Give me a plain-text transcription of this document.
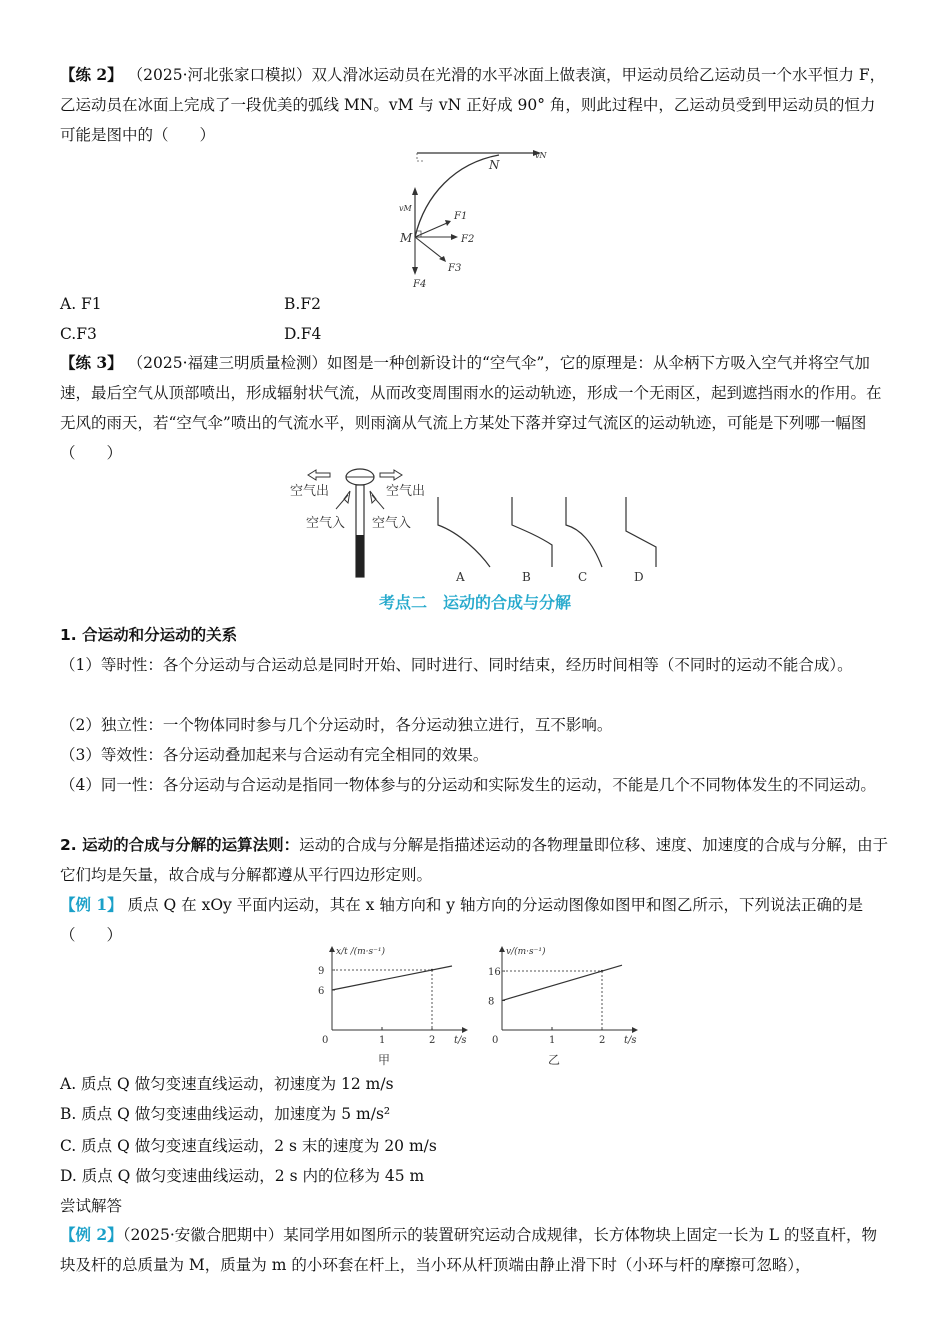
【练 2】 （2025·河北张家口模拟）双人滑冰运动员在光滑的水平冰面上做表演，甲运动员给乙运动员一个水平恒力 F，乙运动员在冰面上完成了一段优美的弧线 MN。vM 与 vN 正好成 90° 角，则此过程中，乙运动员受到甲运动员的恒力可能是图中的（　　）

N
M
vN
vM
F1
F2
F3
F4
A. F1	B.F2
C.F3	D.F4

【练 3】 （2025·福建三明质量检测）如图是一种创新设计的“空气伞”，它的原理是：从伞柄下方吸入空气并将空气加速，最后空气从顶部喷出，形成辐射状气流，从而改变周围雨水的运动轨迹，形成一个无雨区，起到遮挡雨水的作用。在无风的雨天，若“空气伞”喷出的气流水平，则雨滴从气流上方某处下落并穿过气流区的运动轨迹，可能是下列哪一幅图（　　）

空气出	空气出
空气入 空气入
A	B	C	D
考点二　运动的合成与分解
1. 合运动和分运动的关系

（1）等时性：各个分运动与合运动总是同时开始、同时进行、同时结束，经历时间相等（不同时的运动不能合成）。

（2）独立性：一个物体同时参与几个分运动时，各分运动独立进行，互不影响。

（3）等效性：各分运动叠加起来与合运动有完全相同的效果。

（4）同一性：各分运动与合运动是指同一物体参与的分运动和实际发生的运动，不能是几个不同物体发生的不同运动。

2. 运动的合成与分解的运算法则：运动的合成与分解是指描述运动的各物理量即位移、速度、加速度的合成与分解，由于它们均是矢量，故合成与分解都遵从平行四边形定则。

【例 1】 质点 Q 在 xOy 平面内运动，其在 x 轴方向和 y 轴方向的分运动图像如图甲和图乙所示，下列说法正确的是（　　）

0	1	2
6
9
t/s
x/t /(m·s⁻¹)
甲
0	1	2
8
16
t/s
v/(m·s⁻¹)
乙
A. 质点 Q 做匀变速直线运动，初速度为 12 m/s
B. 质点 Q 做匀变速曲线运动，加速度为 5 m/s²
C. 质点 Q 做匀变速直线运动，2 s 末的速度为 20 m/s
D. 质点 Q 做匀变速曲线运动，2 s 内的位移为 45 m
尝试解答

【例 2】（2025·安徽合肥期中）某同学用如图所示的装置研究运动合成规律，长方体物块上固定一长为 L 的竖直杆，物块及杆的总质量为 M，质量为 m 的小环套在杆上，当小环从杆顶端由静止滑下时（小环与杆的摩擦可忽略），
